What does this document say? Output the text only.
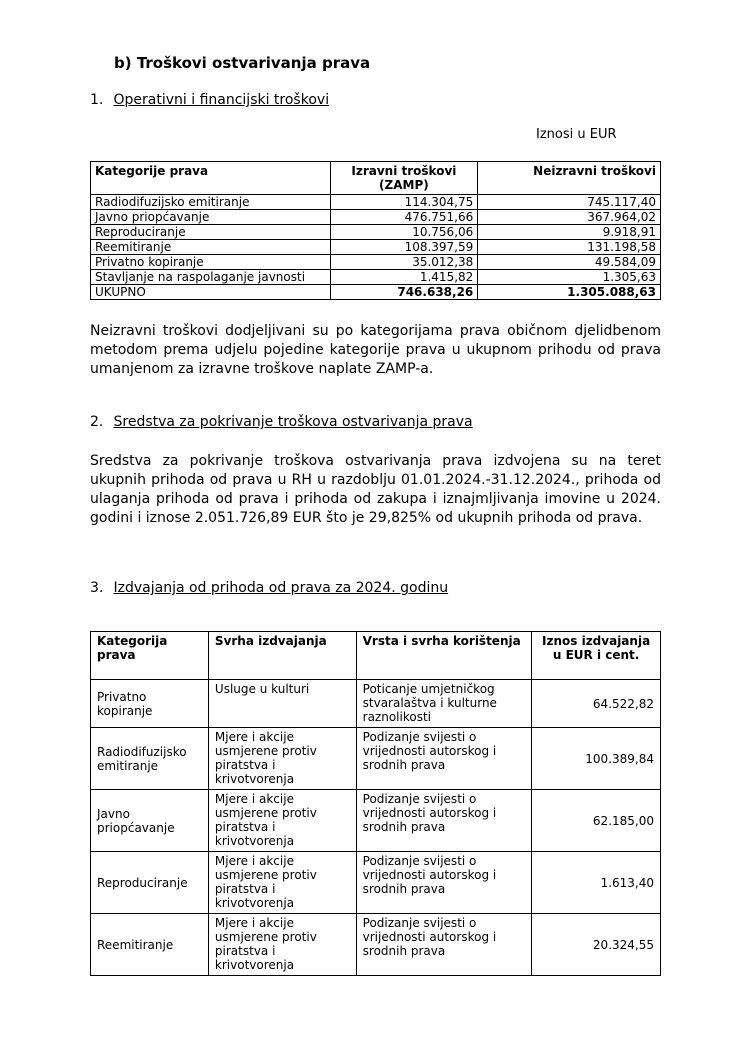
b) Troškovi ostvarivanja prava
1. Operativni i financijski troškovi
Iznosi u EUR
Kategorije prava	Izravni troškovi (ZAMP)	Neizravni troškovi
Radiodifuzijsko emitiranje	114.304,75	745.117,40
Javno priopćavanje	476.751,66	367.964,02
Reproduciranje	10.756,06	9.918,91
Reemitiranje	108.397,59	131.198,58
Privatno kopiranje	35.012,38	49.584,09
Stavljanje na raspolaganje javnosti	1.415,82	1.305,63
UKUPNO	746.638,26	1.305.088,63

Neizravni troškovi dodjeljivani su po kategorijama prava običnom djelidbenom metodom prema udjelu pojedine kategorije prava u ukupnom prihodu od prava umanjenom za izravne troškove naplate ZAMP-a.

2. Sredstva za pokrivanje troškova ostvarivanja prava

Sredstva za pokrivanje troškova ostvarivanja prava izdvojena su na teret ukupnih prihoda od prava u RH u razdoblju 01.01.2024.-31.12.2024., prihoda od ulaganja prihoda od prava i prihoda od zakupa i iznajmljivanja imovine u 2024. godini i iznose 2.051.726,89 EUR što je 29,825% od ukupnih prihoda od prava.

3. Izdvajanja od prihoda od prava za 2024. godinu
Kategorija prava	Svrha izdvajanja	Vrsta i svrha korištenja	Iznos izdvajanja u EUR i cent.
Privatno kopiranje	Usluge u kulturi	Poticanje umjetničkog stvaralaštva i kulturne raznolikosti	64.522,82
Radiodifuzijsko emitiranje	Mjere i akcije usmjerene protiv piratstva i krivotvorenja	Podizanje svijesti o vrijednosti autorskog i srodnih prava	100.389,84
Javno priopćavanje	Mjere i akcije usmjerene protiv piratstva i krivotvorenja	Podizanje svijesti o vrijednosti autorskog i srodnih prava	62.185,00
Reproduciranje	Mjere i akcije usmjerene protiv piratstva i krivotvorenja	Podizanje svijesti o vrijednosti autorskog i srodnih prava	1.613,40
Reemitiranje	Mjere i akcije usmjerene protiv piratstva i krivotvorenja	Podizanje svijesti o vrijednosti autorskog i srodnih prava	20.324,55
